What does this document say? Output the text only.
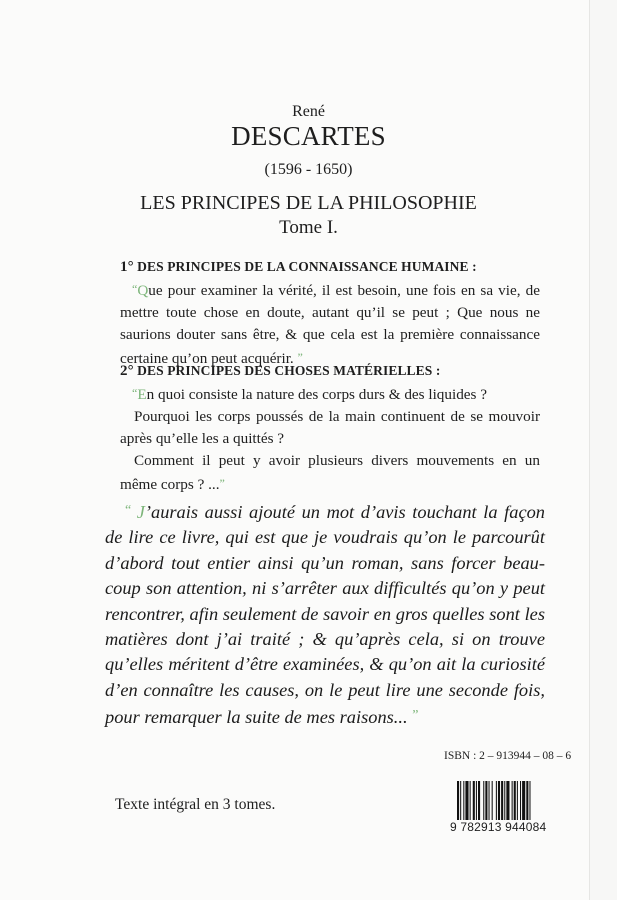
René
DESCARTES
(1596 - 1650)
LES PRINCIPES DE LA PHILOSOPHIE
Tome I.
1° DES PRINCIPES DE LA CONNAISSANCE HUMAINE :
“Que pour examiner la vérité, il est besoin, une fois en sa vie, de mettre toute chose en doute, autant qu’il se peut ; Que nous ne saurions douter sans être, & que cela est la première connaissance certaine qu’on peut acquérir. ”
2° DES PRINCIPES DES CHOSES MATÉRIELLES :
“En quoi consiste la nature des corps durs & des liquides ?
Pourquoi les corps poussés de la main continuent de se mouvoir après qu’elle les a quittés ?
Comment il peut y avoir plusieurs divers mouvements en un même corps ? ...”
“ J’aurais aussi ajouté un mot d’avis touchant la façon de lire ce livre, qui est que je voudrais qu’on le parcourût d’abord tout entier ainsi qu’un roman, sans forcer beau-coup son attention, ni s’arrêter aux difficultés qu’on y peut rencontrer, afin seulement de savoir en gros quelles sont les matières dont j’ai traité ; & qu’après cela, si on trouve qu’elles méritent d’être examinées, & qu’on ait la curiosité d’en connaître les causes, on le peut lire une seconde fois, pour remarquer la suite de mes raisons... ”
Texte intégral en 3 tomes.
ISBN : 2 – 913944 – 08 – 6
9 782913 944084
